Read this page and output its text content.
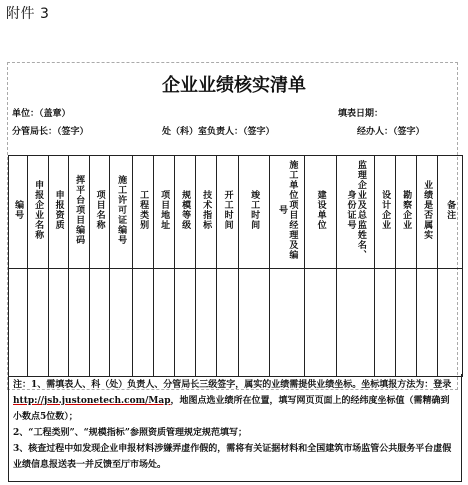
附件 3
企业业绩核实清单
单位：（盖章）	填表日期：
分管局长：（签字）	处（科）室负责人：（签字）	经办人：（签字）
编号	申报企业名称	申报资质	挥平台项目编码	项目名称	施工许可证编号	工程类别	项目地址	规模等级	技术指标	开工时间	竣工时间	施工单位项目经理及编号	建设单位	监理企业及总监姓名、身份证号	设计企业	勘察企业	业绩是否属实	备注

注：1、需填表人、科（处）负责人、分管局长三级签字，属实的业绩需提供业绩坐标。坐标填报方法为：登录http://jsb.justonetech.com/Map，地图点选业绩所在位置，填写网页页面上的经纬度坐标值（需精确到小数点5位数）；

2、“工程类别”、“规模指标”参照资质管理规定规范填写；

3、核查过程中如发现企业申报材料涉嫌弄虚作假的，需将有关证据材料和全国建筑市场监管公共服务平台虚假业绩信息报送表一并反馈至厅市场处。
